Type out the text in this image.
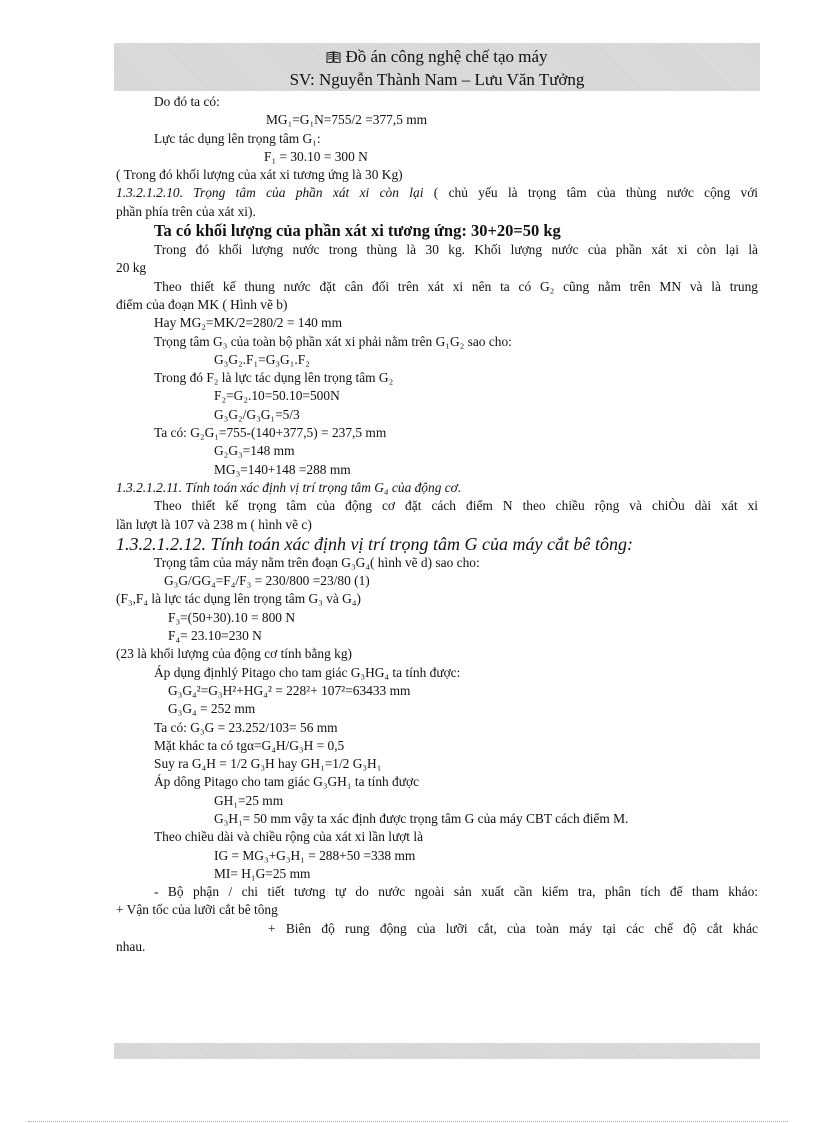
Đồ án công nghệ chế tạo máy
SV: Nguyễn Thành Nam – Lưu Văn Tưởng
Do đó ta có:
MG₁=G₁N=755/2 =377,5 mm
Lực tác dụng lên trọng tâm G₁:
F₁ = 30.10 = 300 N
( Trong đó khối lượng của xát xi tương ứng là 30 Kg)
1.3.2.1.2.10. Trọng tâm của phần xát xi còn lại ( chủ yếu là trọng tâm của thùng nước cộng với
phần phía trên của xát xi).
Ta có khối lượng của phần xát xi tương ứng: 30+20=50 kg
Trong đó khối lượng nước trong thùng là 30 kg. Khối lượng nước của phần xát xi còn lại là
20 kg
Theo thiết kế thung nước đặt cân đối trên xát xi nên ta có G₂ cũng nằm trên MN và là trung
điểm của đoạn MK ( Hình vẽ b)
Hay MG₂=MK/2=280/2 = 140 mm
Trọng tâm G₃ của toàn bộ phần xát xi phải nằm trên G₁G₂ sao cho:
G₃G₂.F₁=G₃G₁.F₂
Trong đó F₂ là lực tác dụng lên trọng tâm G₂
F₂=G₂.10=50.10=500N
G₃G₂/G₃G₁=5/3
Ta có: G₂G₁=755-(140+377,5) = 237,5 mm
G₂G₃=148 mm
MG₃=140+148 =288 mm
1.3.2.1.2.11. Tính toán xác định vị trí trọng tâm G₄ của động cơ.
Theo thiết kế trọng tâm của động cơ đặt cách điểm N theo chiều rộng và chiÒu dài xát xi
lần lượt là 107 và 238 m ( hình vẽ c)
1.3.2.1.2.12. Tính toán xác định vị trí trọng tâm G của máy cắt bê tông:
Trọng tâm của máy nằm trên đoạn G₃G₄( hình vẽ d) sao cho:
G₃G/GG₄=F₄/F₃ = 230/800 =23/80 (1)
(F₃,F₄ là lực tác dụng lên trọng tâm G₃ và G₄)
F₃=(50+30).10 = 800 N
F₄= 23.10=230 N
(23 là khối lượng của động cơ tính bằng kg)
Áp dụng địnhlý Pitago cho tam giác G₃HG₄ ta tính được:
G₃G₄²=G₃H²+HG₄² = 228²+ 107²=63433 mm
G₃G₄ = 252 mm
Ta có: G₃G = 23.252/103= 56 mm
Mặt khác ta có tgα=G₄H/G₃H = 0,5
Suy ra G₄H = 1/2 G₃H hay GH₁=1/2 G₃H₁
Áp dông Pitago cho tam giác G₃GH₁ ta tính được
GH₁=25 mm
G₃H₁= 50 mm vậy ta xác định được trọng tâm G của máy CBT cách điểm M.
Theo chiều dài và chiều rộng của xát xi lần lượt là
IG = MG₃+G₃H₁ = 288+50 =338 mm
MI= H₁G=25 mm
- Bộ phận / chi tiết tương tự do nước ngoài sản xuất cần kiểm tra, phân tích để tham khảo:
+ Vận tốc của lưỡi cắt bê tông
+ Biên độ rung động của lưỡi cắt, của toàn máy tại các chế độ cắt khác
nhau.
